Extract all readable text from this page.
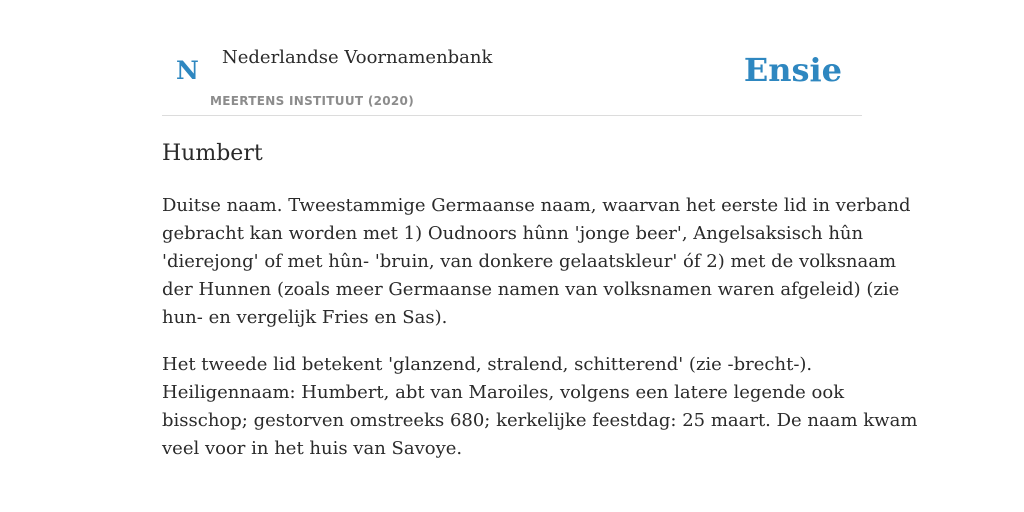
N Nederlandse Voornamenbank
MEERTENS INSTITUUT (2020)
Ensie
Humbert

Duitse naam. Tweestammige Germaanse naam, waarvan het eerste lid in verband
gebracht kan worden met 1) Oudnoors hûnn 'jonge beer', Angelsaksisch hûn
'dierejong' of met hûn- 'bruin, van donkere gelaatskleur' óf 2) met de volksnaam
der Hunnen (zoals meer Germaanse namen van volksnamen waren afgeleid) (zie
hun- en vergelijk Fries en Sas).

Het tweede lid betekent 'glanzend, stralend, schitterend' (zie -brecht-).
Heiligennaam: Humbert, abt van Maroiles, volgens een latere legende ook
bisschop; gestorven omstreeks 680; kerkelijke feestdag: 25 maart. De naam kwam
veel voor in het huis van Savoye.
